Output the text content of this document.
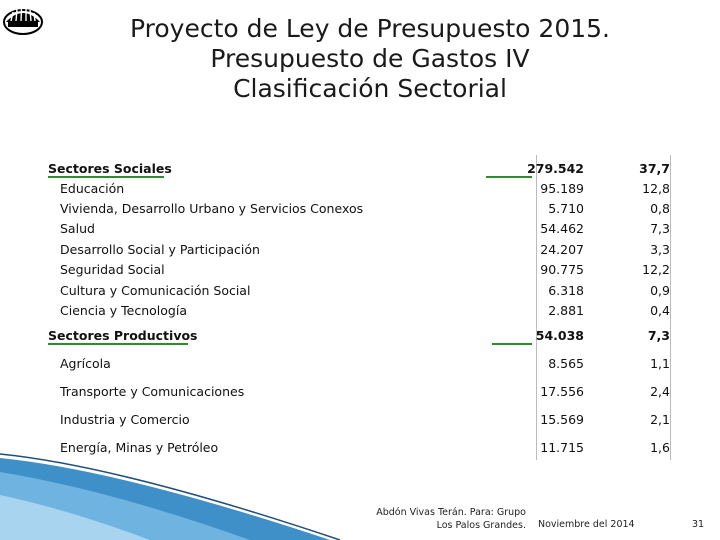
Proyecto de Ley de Presupuesto 2015.
Presupuesto de Gastos IV
Clasificación Sectorial
Sectores Sociales	279.542	37,7
Educación	95.189	12,8
Vivienda, Desarrollo Urbano y Servicios Conexos	5.710	0,8
Salud	54.462	7,3
Desarrollo Social y Participación	24.207	3,3
Seguridad Social	90.775	12,2
Cultura y Comunicación Social	6.318	0,9
Ciencia y Tecnología	2.881	0,4
Sectores Productivos	54.038	7,3
Agrícola	8.565	1,1
Transporte y Comunicaciones	17.556	2,4
Industria y Comercio	15.569	2,1
Energía, Minas y Petróleo	11.715	1,6
Abdón Vivas Terán. Para: Grupo
Los Palos Grandes. Noviembre del 2014	31
